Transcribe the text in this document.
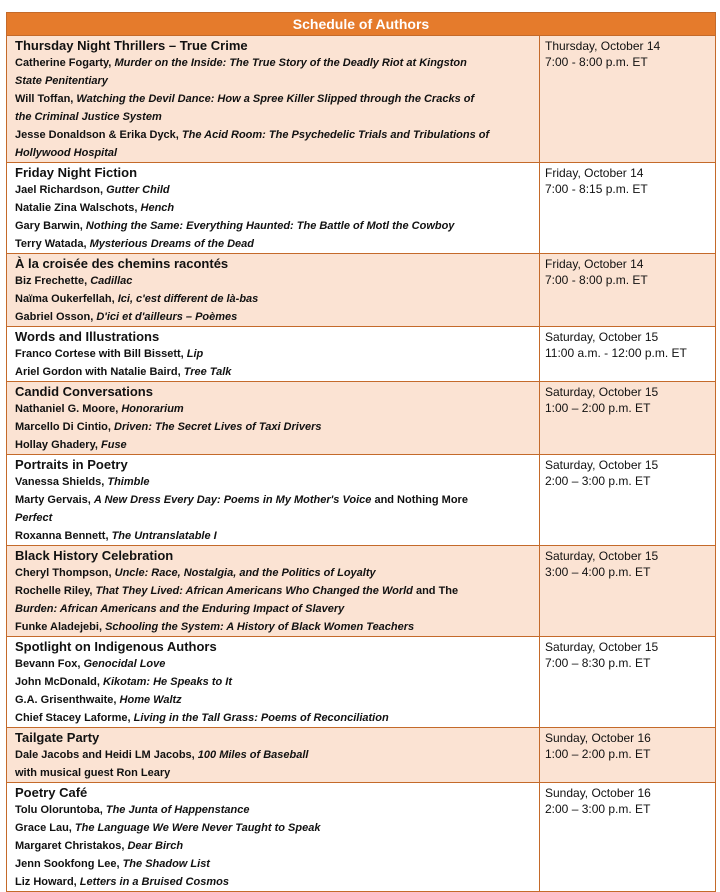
Schedule of Authors
Thursday Night Thrillers – True Crime
Catherine Fogarty, Murder on the Inside: The True Story of the Deadly Riot at Kingston
State Penitentiary
Will Toffan, Watching the Devil Dance: How a Spree Killer Slipped through the Cracks of
the Criminal Justice System
Jesse Donaldson & Erika Dyck, The Acid Room: The Psychedelic Trials and Tribulations of
Hollywood Hospital
Thursday, October 14
7:00 - 8:00 p.m. ET
Friday Night Fiction
Jael Richardson, Gutter Child
Natalie Zina Walschots, Hench
Gary Barwin, Nothing the Same: Everything Haunted: The Battle of Motl the Cowboy
Terry Watada, Mysterious Dreams of the Dead
Friday, October 14
7:00 - 8:15 p.m. ET
À la croisée des chemins racontés
Biz Frechette, Cadillac
Naïma Oukerfellah, Ici, c'est different de là-bas
Gabriel Osson, D'ici et d'ailleurs – Poèmes
Friday, October 14
7:00 - 8:00 p.m. ET
Words and Illustrations
Franco Cortese with Bill Bissett, Lip
Ariel Gordon with Natalie Baird, Tree Talk
Saturday, October 15
11:00 a.m. - 12:00 p.m. ET
Candid Conversations
Nathaniel G. Moore, Honorarium
Marcello Di Cintio, Driven: The Secret Lives of Taxi Drivers
Hollay Ghadery, Fuse
Saturday, October 15
1:00 – 2:00 p.m. ET
Portraits in Poetry
Vanessa Shields, Thimble
Marty Gervais, A New Dress Every Day: Poems in My Mother's Voice and Nothing More
Perfect
Roxanna Bennett, The Untranslatable I
Saturday, October 15
2:00 – 3:00 p.m. ET
Black History Celebration
Cheryl Thompson, Uncle: Race, Nostalgia, and the Politics of Loyalty
Rochelle Riley, That They Lived: African Americans Who Changed the World and The
Burden: African Americans and the Enduring Impact of Slavery
Funke Aladejebi, Schooling the System: A History of Black Women Teachers
Saturday, October 15
3:00 – 4:00 p.m. ET
Spotlight on Indigenous Authors
Bevann Fox, Genocidal Love
John McDonald, Kikotam: He Speaks to It
G.A. Grisenthwaite, Home Waltz
Chief Stacey Laforme, Living in the Tall Grass: Poems of Reconciliation
Saturday, October 15
7:00 – 8:30 p.m. ET
Tailgate Party
Dale Jacobs and Heidi LM Jacobs, 100 Miles of Baseball
with musical guest Ron Leary
Sunday, October 16
1:00 – 2:00 p.m. ET
Poetry Café
Tolu Oloruntoba, The Junta of Happenstance
Grace Lau, The Language We Were Never Taught to Speak
Margaret Christakos, Dear Birch
Jenn Sookfong Lee, The Shadow List
Liz Howard, Letters in a Bruised Cosmos
Sunday, October 16
2:00 – 3:00 p.m. ET
